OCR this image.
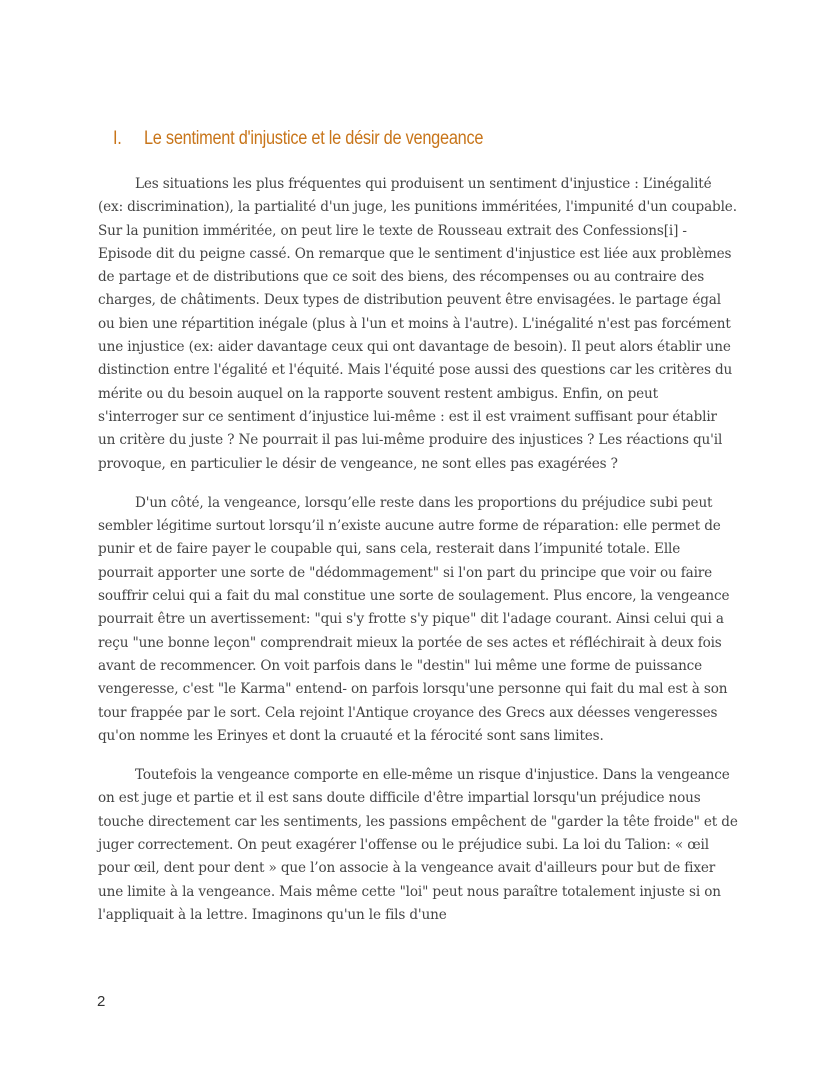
I. Le sentiment d'injustice et le désir de vengeance

Les situations les plus fréquentes qui produisent un sentiment d'injustice : L’inégalité (ex: discrimination), la partialité d'un juge, les punitions imméritées, l'impunité d'un coupable. Sur la punition imméritée, on peut lire le texte de Rousseau extrait des Confessions[i] - Episode dit du peigne cassé. On remarque que le sentiment d'injustice est liée aux problèmes de partage et de distributions que ce soit des biens, des récompenses ou au contraire des charges, de châtiments. Deux types de distribution peuvent être envisagées. le partage égal ou bien une répartition inégale (plus à l'un et moins à l'autre). L'inégalité n'est pas forcément une injustice (ex: aider davantage ceux qui ont davantage de besoin). Il peut alors établir une distinction entre l'égalité et l'équité. Mais l'équité pose aussi des questions car les critères du mérite ou du besoin auquel on la rapporte souvent restent ambigus. Enfin, on peut s'interroger sur ce sentiment d’injustice lui-même : est il est vraiment suffisant pour établir un critère du juste ? Ne pourrait il pas lui-même produire des injustices ? Les réactions qu'il provoque, en particulier le désir de vengeance, ne sont elles pas exagérées ?

D'un côté, la vengeance, lorsqu’elle reste dans les proportions du préjudice subi peut sembler légitime surtout lorsqu’il n’existe aucune autre forme de réparation: elle permet de punir et de faire payer le coupable qui, sans cela, resterait dans l’impunité totale. Elle pourrait apporter une sorte de "dédommagement" si l'on part du principe que voir ou faire souffrir celui qui a fait du mal constitue une sorte de soulagement. Plus encore, la vengeance pourrait être un avertissement: "qui s'y frotte s'y pique" dit l'adage courant. Ainsi celui qui a reçu "une bonne leçon" comprendrait mieux la portée de ses actes et réfléchirait à deux fois avant de recommencer. On voit parfois dans le "destin" lui même une forme de puissance vengeresse, c'est "le Karma" entend- on parfois lorsqu'une personne qui fait du mal est à son tour frappée par le sort. Cela rejoint l'Antique croyance des Grecs aux déesses vengeresses qu'on nomme les Erinyes et dont la cruauté et la férocité sont sans limites.

Toutefois la vengeance comporte en elle-même un risque d'injustice. Dans la vengeance on est juge et partie et il est sans doute difficile d'être impartial lorsqu'un préjudice nous touche directement car les sentiments, les passions empêchent de "garder la tête froide" et de juger correctement. On peut exagérer l'offense ou le préjudice subi. La loi du Talion: « œil pour œil, dent pour dent » que l’on associe à la vengeance avait d'ailleurs pour but de fixer une limite à la vengeance. Mais même cette "loi" peut nous paraître totalement injuste si on l'appliquait à la lettre. Imaginons qu'un le fils d'une

2
